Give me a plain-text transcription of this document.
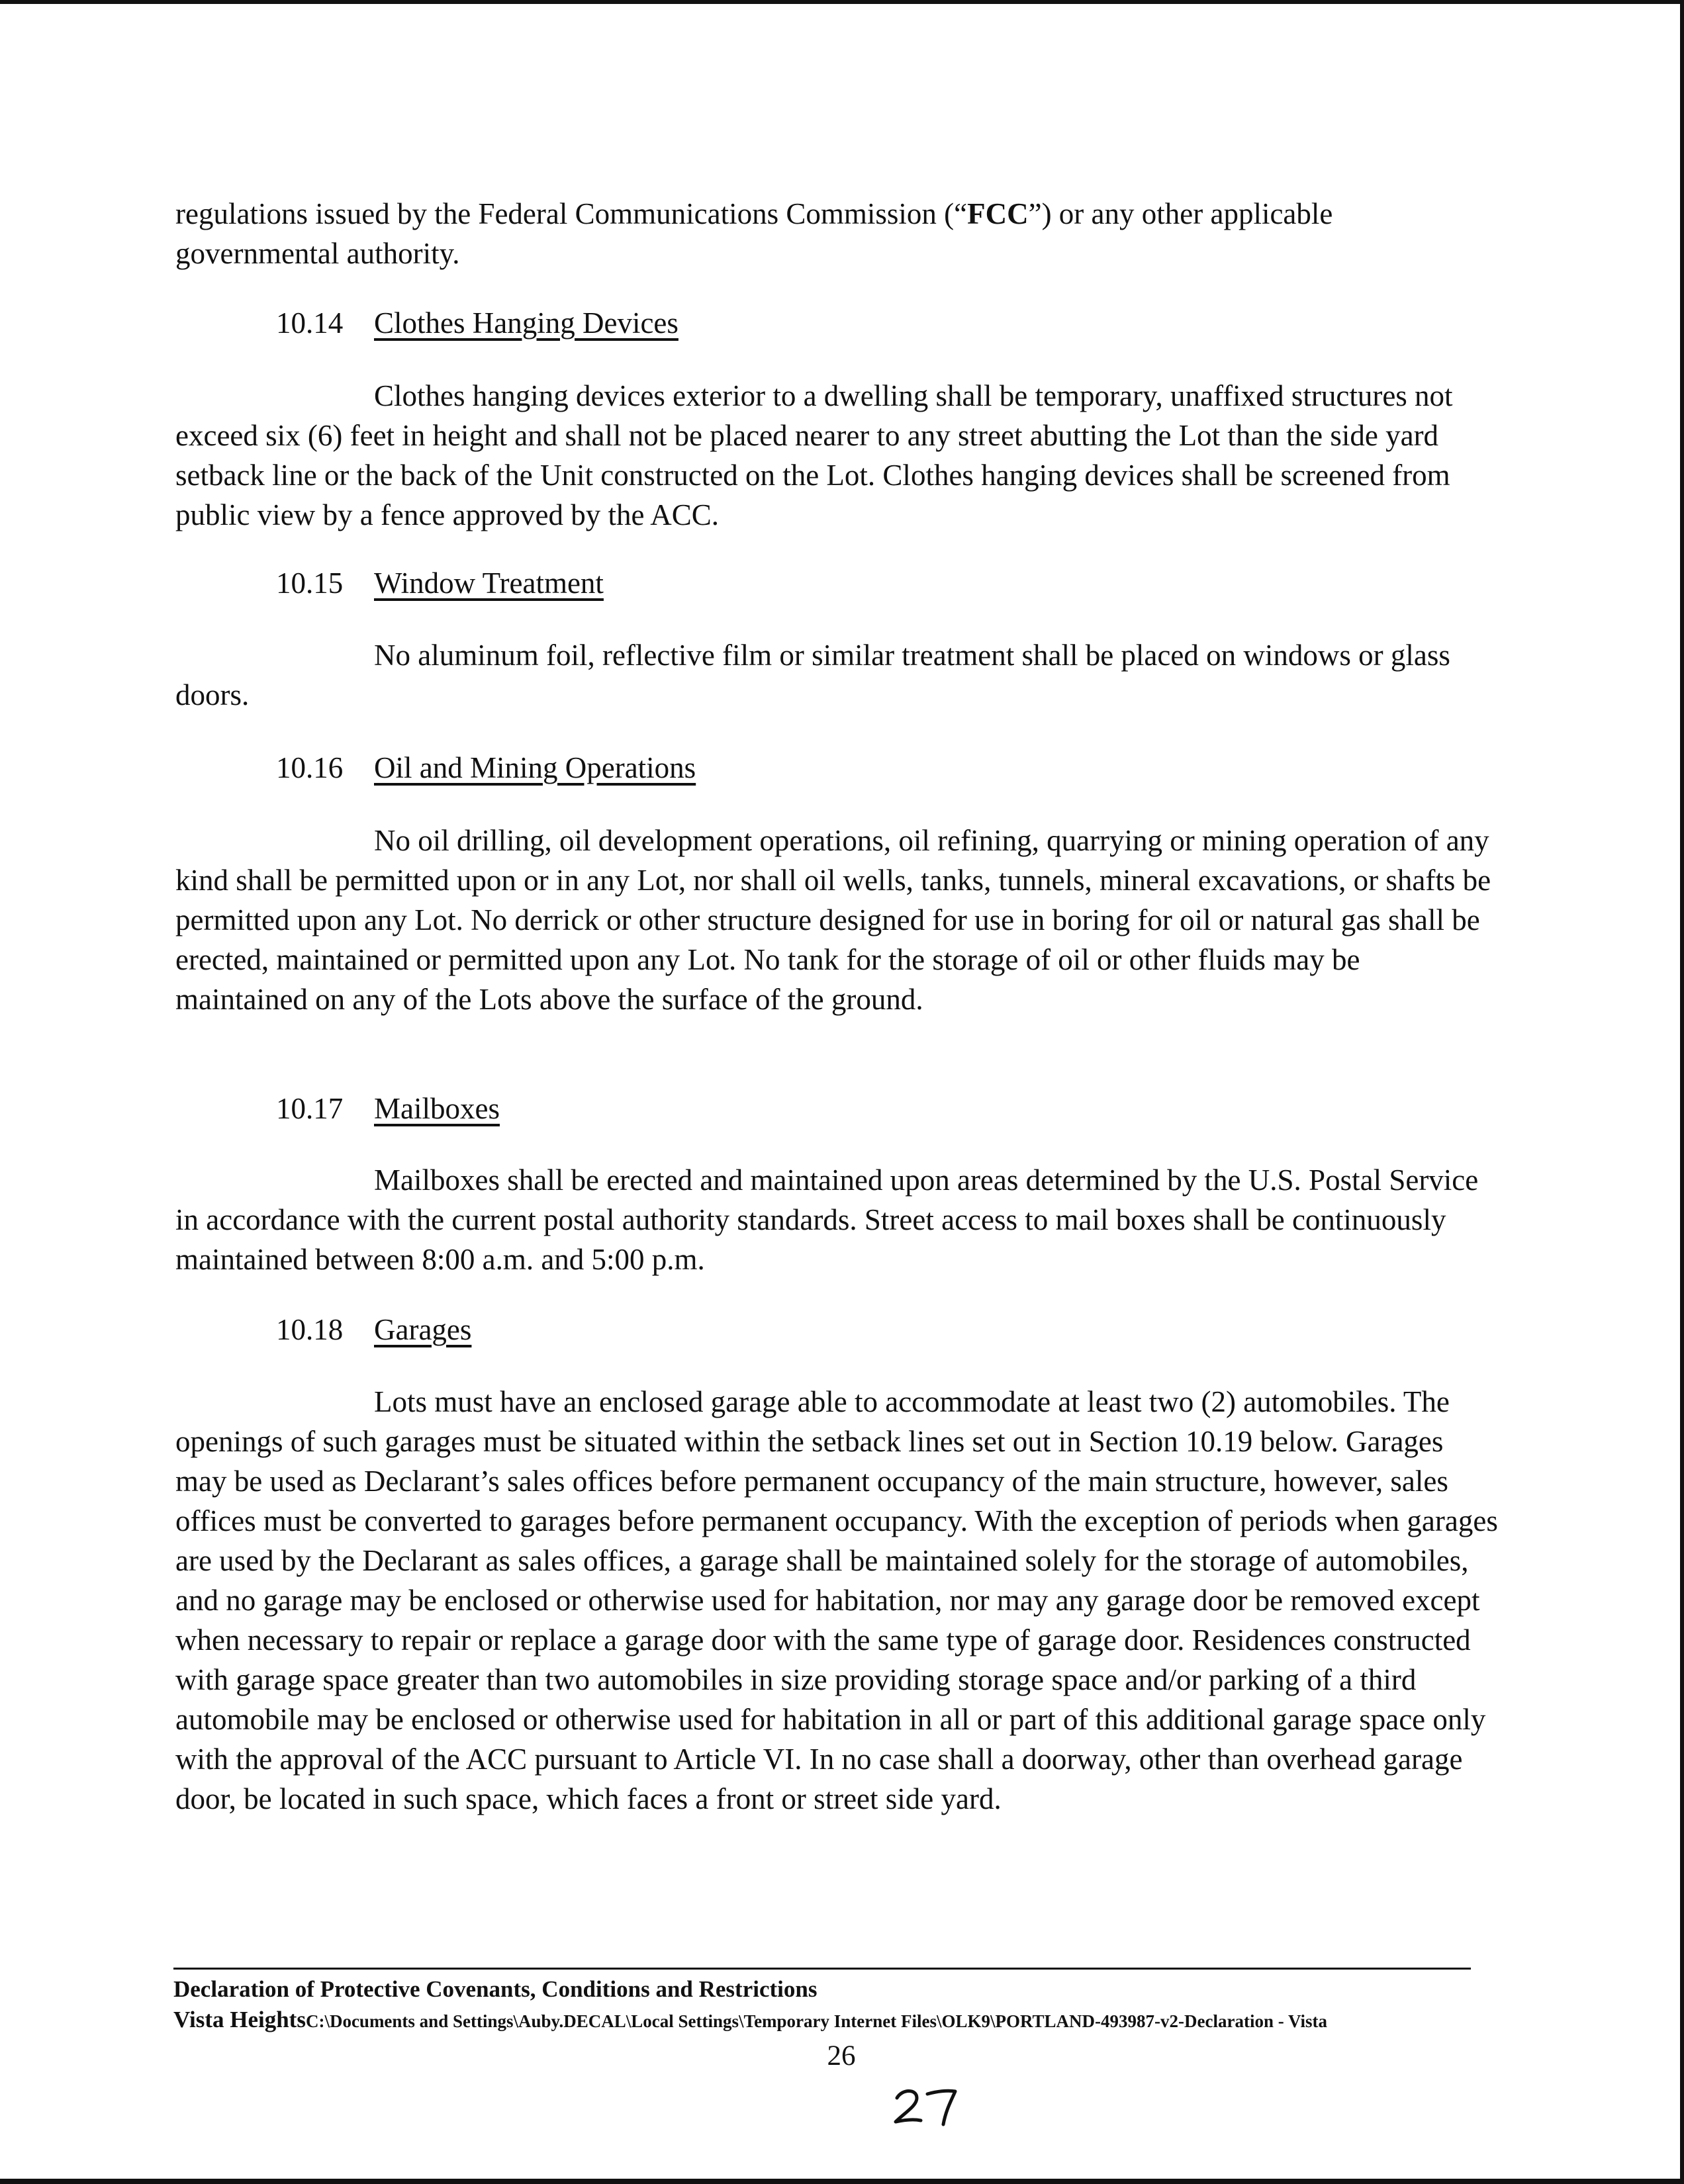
regulations issued by the Federal Communications Commission (“FCC”) or any other applicable governmental authority.
10.14 Clothes Hanging Devices
Clothes hanging devices exterior to a dwelling shall be temporary, unaffixed structures not exceed six (6) feet in height and shall not be placed nearer to any street abutting the Lot than the side yard setback line or the back of the Unit constructed on the Lot. Clothes hanging devices shall be screened from public view by a fence approved by the ACC.
10.15 Window Treatment
No aluminum foil, reflective film or similar treatment shall be placed on windows or glass doors.
10.16 Oil and Mining Operations
No oil drilling, oil development operations, oil refining, quarrying or mining operation of any kind shall be permitted upon or in any Lot, nor shall oil wells, tanks, tunnels, mineral excavations, or shafts be permitted upon any Lot. No derrick or other structure designed for use in boring for oil or natural gas shall be erected, maintained or permitted upon any Lot. No tank for the storage of oil or other fluids may be maintained on any of the Lots above the surface of the ground.
10.17 Mailboxes
Mailboxes shall be erected and maintained upon areas determined by the U.S. Postal Service in accordance with the current postal authority standards. Street access to mail boxes shall be continuously maintained between 8:00 a.m. and 5:00 p.m.
10.18 Garages
Lots must have an enclosed garage able to accommodate at least two (2) automobiles. The openings of such garages must be situated within the setback lines set out in Section 10.19 below. Garages may be used as Declarant’s sales offices before permanent occupancy of the main structure, however, sales offices must be converted to garages before permanent occupancy. With the exception of periods when garages are used by the Declarant as sales offices, a garage shall be maintained solely for the storage of automobiles, and no garage may be enclosed or otherwise used for habitation, nor may any garage door be removed except when necessary to repair or replace a garage door with the same type of garage door. Residences constructed with garage space greater than two automobiles in size providing storage space and/or parking of a third automobile may be enclosed or otherwise used for habitation in all or part of this additional garage space only with the approval of the ACC pursuant to Article VI. In no case shall a doorway, other than overhead garage door, be located in such space, which faces a front or street side yard.
Declaration of Protective Covenants, Conditions and Restrictions
Vista HeightsC:\Documents and Settings\Auby.DECAL\Local Settings\Temporary Internet Files\OLK9\PORTLAND-493987-v2-Declaration - Vista
26
